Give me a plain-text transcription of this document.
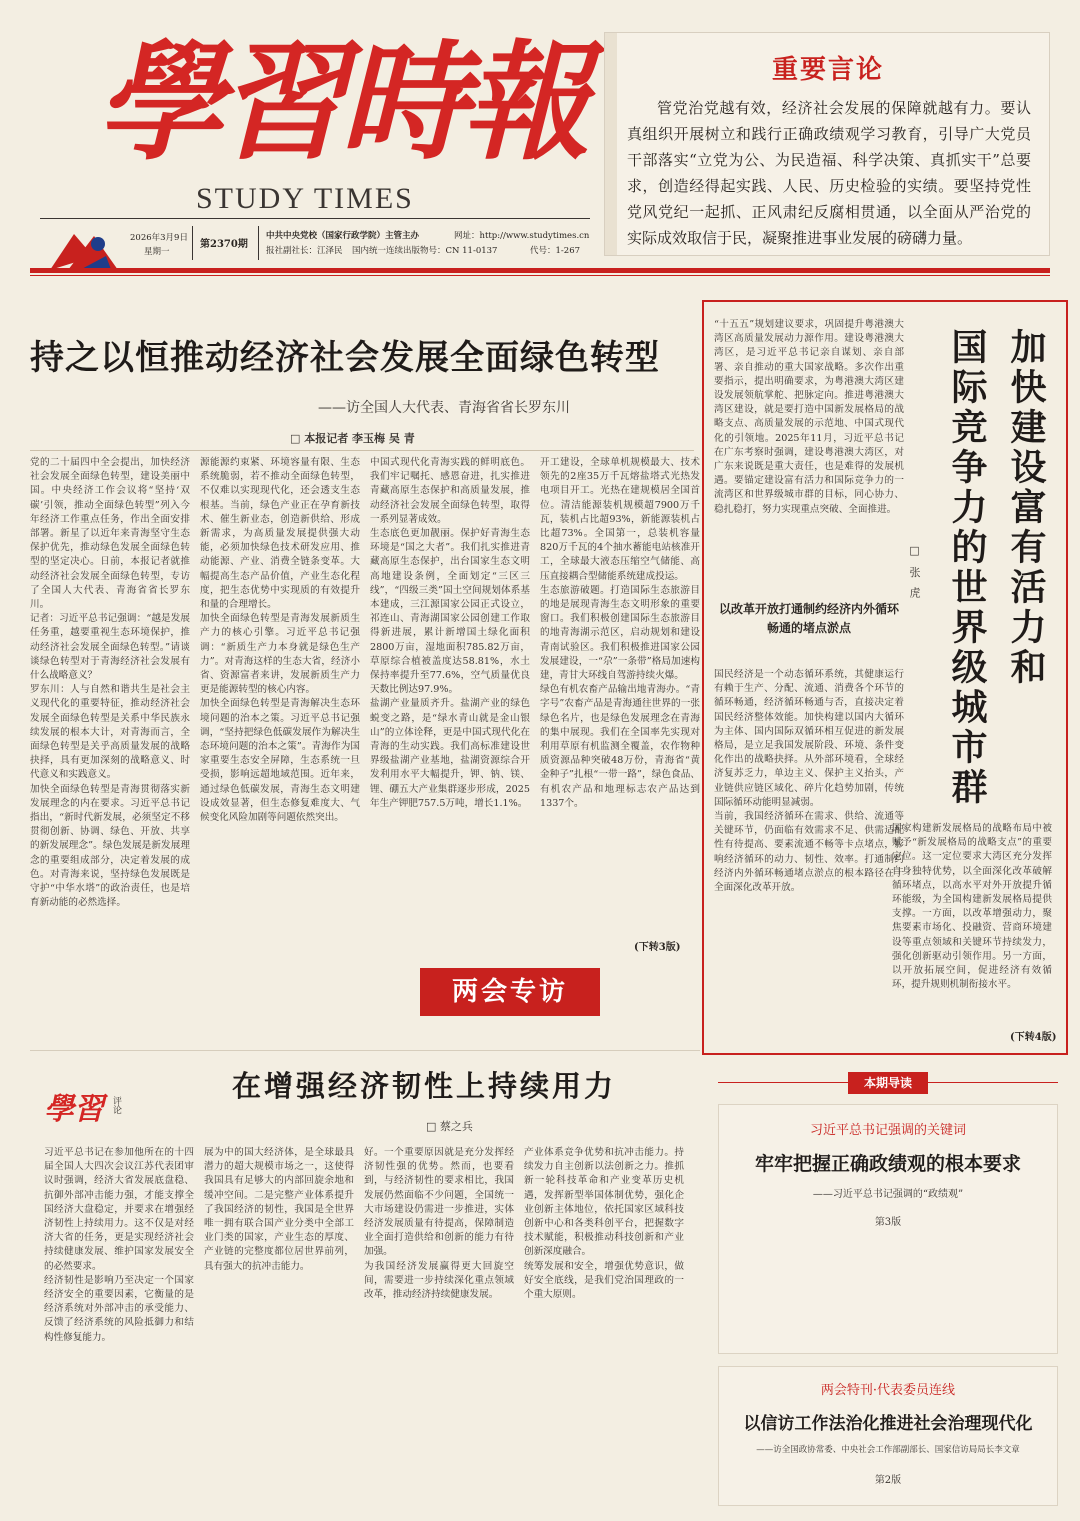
學習時報
STUDY TIMES
2026年3月9日
星期一
第2370期
中共中央党校（国家行政学院）主管主办
报社副社长：江泽民
网址：http://www.studytimes.cn
国内统一连续出版物号：CN 11-0137	代号：1-267
重要言论
管党治党越有效，经济社会发展的保障就越有力。要认真组织开展树立和践行正确政绩观学习教育，引导广大党员干部落实“立党为公、为民造福、科学决策、真抓实干”总要求，创造经得起实践、人民、历史检验的实绩。要坚持党性党风党纪一起抓、正风肃纪反腐相贯通，以全面从严治党的实际成效取信于民，凝聚推进事业发展的磅礴力量。
持之以恒推动经济社会发展全面绿色转型
——访全国人大代表、青海省省长罗东川
□ 本报记者 李玉梅 吴 青
党的二十届四中全会提出，加快经济社会发展全面绿色转型，建设美丽中国。中央经济工作会议将“坚持‘双碳’引领，推动全面绿色转型”列入今年经济工作重点任务，作出全面安排部署。新星了以近年来青海坚守生态保护优先，推动绿色发展全面绿色转型的坚定决心。日前，本报记者就推动经济社会发展全面绿色转型，专访了全国人大代表、青海省省长罗东川。
记者：习近平总书记强调：“越是发展任务重，越要重视生态环境保护，推动经济社会发展全面绿色转型。”请谈谈绿色转型对于青海经济社会发展有什么战略意义？
罗东川：人与自然和谐共生是社会主义现代化的重要特征，推动经济社会发展全面绿色转型是关系中华民族永续发展的根本大计，对青海而言，全面绿色转型是关乎高质量发展的战略抉择，具有更加深刻的战略意义、时代意义和实践意义。
加快全面绿色转型是青海贯彻落实新发展理念的内在要求。习近平总书记指出，“新时代新发展，必须坚定不移贯彻创新、协调、绿色、开放、共享的新发展理念”。绿色发展是新发展理念的重要组成部分，决定着发展的成色。对青海来说，坚持绿色发展既是守护“中华水塔”的政治责任，也是培育新动能的必然选择。
源能源约束紧、环境容量有限、生态系统脆弱，若不推动全面绿色转型，不仅难以实现现代化，还会透支生态根基。当前，绿色产业正在孕育新技术、催生新业态，创造新供给、形成新需求，为高质量发展提供强大动能，必须加快绿色技术研发应用、推动能源、产业、消费全链条变革。大幅提高生态产品价值，产业生态化程度，把生态优势中实现质的有效提升和量的合理增长。
加快全面绿色转型是青海发展新质生产力的核心引擎。习近平总书记强调：“新质生产力本身就是绿色生产力”。对青海这样的生态大省，经济小省、资源富者来讲，发展新质生产力更是能源转型的核心内容。
加快全面绿色转型是青海解决生态环境问题的治本之策。习近平总书记强调，“坚持把绿色低碳发展作为解决生态环境问题的治本之策”。青海作为国家重要生态安全屏障，生态系统一旦受损，影响远超地域范围。近年来，通过绿色低碳发展，青海生态文明建设成效显著，但生态修复难度大、气候变化风险加剧等问题依然突出。
中国式现代化青海实践的鲜明底色。我们牢记嘱托、感恩奋进，扎实推进青藏高原生态保护和高质量发展，推动经济社会发展全面绿色转型，取得一系列显著成效。
生态底色更加靓丽。保护好青海生态环境是“国之大者”。我们扎实推进青藏高原生态保护，出台国家生态文明高地建设条例，全面划定“三区三线”，“四级三类”国土空间规划体系基本建成，三江源国家公园正式设立，祁连山、青海湖国家公园创建工作取得新进展，累计新增国土绿化面积2800万亩，湿地面积785.82万亩，草原综合植被盖度达58.81%，水土保持率提升至77.6%，空气质量优良天数比例达97.9%。
盐湖产业量质齐升。盐湖产业的绿色蜕变之路，是“绿水青山就是金山银山”的立体诠释，更是中国式现代化在青海的生动实践。我们高标准建设世界级盐湖产业基地，盐湖资源综合开发利用水平大幅提升，钾、钠、镁、锂、硼五大产业集群逐步形成，2025年生产钾肥757.5万吨，增长1.1%。
开工建设，全球单机规模最大、技术领先的2座35万千瓦熔盐塔式光热发电项目开工。光热在建规模居全国首位。清洁能源装机规模超7900万千瓦，装机占比超93%，新能源装机占比超73%。全国第一，总装机容量820万千瓦的4个抽水蓄能电站核准开工，全球最大液态压缩空气储能、高压直接耦合型储能系统建成投运。
生态旅游破题。打造国际生态旅游目的地是展现青海生态文明形象的重要窗口。我们积极创建国际生态旅游目的地青海湖示范区，启动规划和建设青南试验区。我们积极推进国家公园发展建设，一“尕”一条带”格局加速构建，青甘大环线自驾游持续火爆。
绿色有机农畜产品输出地青海办。“青字号”农畜产品是青海通往世界的一张绿色名片，也是绿色发展理念在青海的集中展现。我们在全国率先实现对利用草原有机监测全覆盖，农作物种质资源品种突破48万份，青海省“黄金种子”扎根“一带一路”，绿色食品、有机农产品和地理标志农产品达到1337个。
(下转3版)
两会专访
加快建设富有活力和
国际竞争力的世界级城市群
□ 张 虎
“十五五”规划建议要求，巩固提升粤港澳大湾区高质量发展动力源作用。建设粤港澳大湾区，是习近平总书记亲自谋划、亲自部署、亲自推动的重大国家战略。多次作出重要指示，提出明确要求，为粤港澳大湾区建设发展领航掌舵、把脉定向。推进粤港澳大湾区建设，就是要打造中国新发展格局的战略支点、高质量发展的示范地、中国式现代化的引领地。2025年11月，习近平总书记在广东考察时强调，建设粤港澳大湾区，对广东来说既是重大责任，也是难得的发展机遇。要锚定建设富有活力和国际竞争力的一流湾区和世界级城市群的目标，同心协力、稳扎稳打，努力实现重点突破、全面推进。
以改革开放打通制约经济内外循环畅通的堵点淤点
国民经济是一个动态循环系统，其健康运行有赖于生产、分配、流通、消费各个环节的循环畅通，经济循环畅通与否，直接决定着国民经济整体效能。加快构建以国内大循环为主体、国内国际双循环相互促进的新发展格局，是立足我国发展阶段、环境、条件变化作出的战略抉择。从外部环境看，全球经济复苏乏力，单边主义、保护主义抬头，产业链供应链区域化、碎片化趋势加剧，传统国际循环动能明显减弱。
当前，我国经济循环在需求、供给、流通等关键环节，仍面临有效需求不足、供需适配性有待提高、要素流通不畅等卡点堵点，影响经济循环的动力、韧性、效率。打通制约经济内外循环畅通堵点淤点的根本路径在于全面深化改革开放。
国家构建新发展格局的战略布局中被赋予“新发展格局的战略支点”的重要定位。这一定位要求大湾区充分发挥自身独特优势，以全面深化改革破解循环堵点，以高水平对外开放提升循环能级，为全国构建新发展格局提供支撑。一方面，以改革增强动力，聚焦要素市场化、投融资、营商环境建设等重点领域和关键环节持续发力，强化创新驱动引领作用。另一方面，以开放拓展空间，促进经济有效循环，提升规则机制衔接水平。
(下转4版)
學習 评论
在增强经济韧性上持续用力
□ 蔡之兵
习近平总书记在参加他所在的十四届全国人大四次会议江苏代表团审议时强调，经济大省发展底盘稳、抗御外部冲击能力强，才能支撑全国经济大盘稳定，并要求在增强经济韧性上持续用力。这不仅是对经济大省的任务，更是实现经济社会持续健康发展、维护国家发展安全的必然要求。
经济韧性是影响乃至决定一个国家经济安全的重要因素，它衡量的是经济系统对外部冲击的承受能力、反馈了经济系统的风险抵御力和结构性修复能力。
展为中的国大经济体，是全球最具潜力的超大规模市场之一，这使得我国具有足够大的内部回旋余地和缓冲空间。二是完整产业体系提升了我国经济的韧性，我国是全世界唯一拥有联合国产业分类中全部工业门类的国家，产业生态的厚度、产业链的完整度都位居世界前列，具有强大的抗冲击能力。
好。一个重要原因就是充分发挥经济韧性强的优势。然而，也要看到，与经济韧性的要求相比，我国发展仍然面临不少问题，全国统一大市场建设仍需进一步推进，实体经济发展质量有待提高，保障制造业全面打造供给和创新的能力有待加强。
为我国经济发展赢得更大回旋空间，需要进一步持续深化重点领域改革，推动经济持续健康发展。
产业体系竞争优势和抗冲击能力。持续发力自主创新以法创新之力。推抓新一轮科技革命和产业变革历史机遇，发挥新型举国体制优势，强化企业创新主体地位，依托国家区域科技创新中心和各类科创平台，把握数字技术赋能，积极推动科技创新和产业创新深度融合。
统筹发展和安全，增强优势意识，做好安全底线，是我们党治国理政的一个重大原则。
本期导读
习近平总书记强调的关键词
牢牢把握正确政绩观的根本要求
——习近平总书记强调的“政绩观”
第3版
两会特刊·代表委员连线
以信访工作法治化推进社会治理现代化
——访全国政协常委、中央社会工作部副部长、国家信访局局长李文章
第2版
